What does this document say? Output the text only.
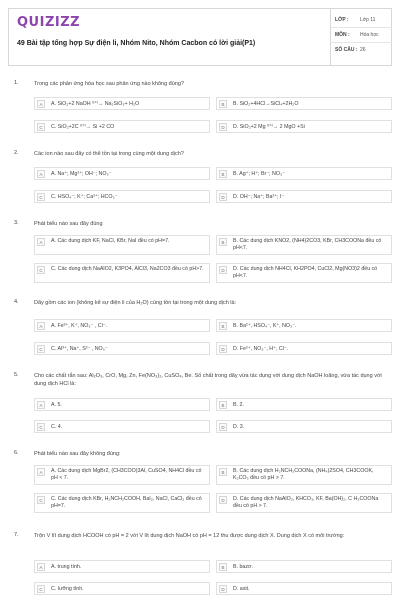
QUIZIZZ
49 Bài tập tổng hợp Sự điện li, Nhóm Nito, Nhóm Cacbon có lời giải(P1)
LỚP : Lớp 11
MÔN : Hóa học
SỐ CÂU : 26
1.	Trong các phản ứng hóa học sau phản ứng nào không đúng?
A	A. SiO₂+2 NaOH ⁽ᵗ°⁾→ Na₂SiO₃+ H₂O	B	B. SiO₂+4HCl→SiCl₄+2H₂O
C	C. SiO₂+2C ⁽ᵗ°⁾→ Si +2 CO	D	D. SiO₂+2 Mg ⁽ᵗ°⁾→ 2 MgO +Si
2.	Các ion nào sau đây có thể tồn tại trong cùng một dung dịch?
A	A. Na⁺; Mg²⁺; OH⁻; NO₃⁻	B	B. Ag⁺; H⁺; Br⁻; NO₃⁻
C	C. HSO₄⁻; K⁺; Ca²⁺; HCO₃⁻	D	D. OH⁻; Na⁺; Ba²⁺; I⁻
3.	Phát biểu nào sau đây đúng
A	A. Các dung dịch KF, NaCl, KBr, NaI đều có pH=7.	B	B. Các dung dịch KNO2, (NH4)2CO3, KBr, CH3COONa đều có pH<7.
C	C. Các dung dịch NaAlO2, K3PO4, AlCl3, Na2CO3 đều có pH>7.	D	D. Các dung dịch NH4Cl, KH2PO4, CuCl2, Mg(NO3)2 đều có pH<7.
4.	Dãy gồm các ion (không kể sự điện li của H₂O) cùng tồn tại trong một dung dịch là:
A	A. Fe³⁺, K⁺, NO₃⁻ , Cl⁻.	B	B. Ba²⁺, HSO₄⁻, K⁺, NO₃⁻.
C	C. Al³⁺, Na⁺, S²⁻ , NO₃⁻	D	D. Fe²⁺, NO₃⁻, H⁺, Cl⁻.
5.	Cho các chất rắn sau: Al₂O₃, CrO, Mg, Zn, Fe(NO₃)₂, CuSO₄, Be. Số chất trong dãy vừa tác dụng với dung dịch NaOH loãng, vừa tác dụng với dung dịch HCl là:
A	A. 5.	B	B. 2.
C	C. 4.	D	D. 3.
6.	Phát biểu nào sau đây không đúng:
A	A. Các dung dịch MgBr2, (CH3COO)3Al, CuSO4, NH4Cl đều có pH < 7.
B	B. Các dung dịch H₂NCH₂COONa, (NH₄)2SO4, CH3COOK, K₂CO₃ đều có pH > 7.
C	C. Các dung dịch KBr, H₂NCH₂COOH, BaI₂, NaCl, CaCl₂ đều có pH=7.
D	D. Các dung dịch NaAlO₂, KHCO₃, KF, Ba(OH)₂, C H₃COONa đều có pH > 7.
7.	Trộn V lít dung dịch HCOOH có pH = 2 với V lít dung dịch NaOH có pH = 12 thu được dung dịch X. Dung dịch X có môi trường:
A	A. trung tính.	B	B. bazơ.
C	C. lưỡng tính.	D	D. axit.
